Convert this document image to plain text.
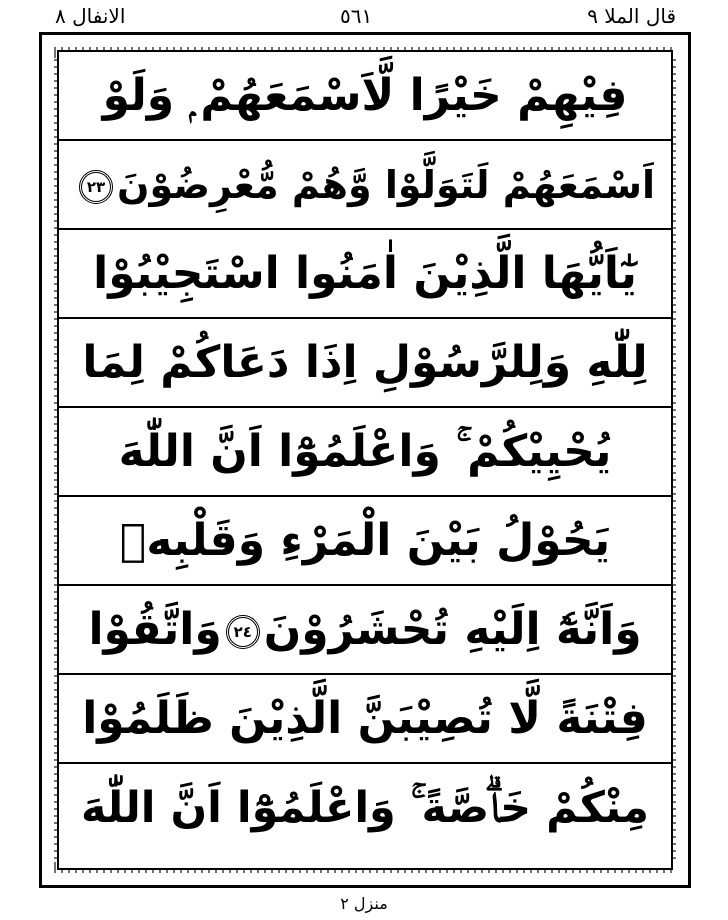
الانفال ٨	٥٦١	قال الملا ٩
فِيْهِمْ خَيْرًا لَّاَسْمَعَهُمْ ۭ وَلَوْ
اَسْمَعَهُمْ لَتَوَلَّوْا وَّهُمْ مُّعْرِضُوْنَ٢٣
يٰٓاَيُّهَا الَّذِيْنَ اٰمَنُوا اسْتَجِيْبُوْا
لِلّٰهِ وَلِلرَّسُوْلِ اِذَا دَعَاكُمْ لِمَا
يُحْيِيْكُمْ ۚ وَاعْلَمُوْٓا اَنَّ اللّٰهَ
يَحُوْلُ بَيْنَ الْمَرْءِ وَقَلْبِهٖ
وَاَنَّهٗٓ اِلَيْهِ تُحْشَرُوْنَ٢٤وَاتَّقُوْا
فِتْنَةً لَّا تُصِيْبَنَّ الَّذِيْنَ ظَلَمُوْا
مِنْكُمْ خَاۗصَّةً ۚ وَاعْلَمُوْٓا اَنَّ اللّٰهَ
منزل ٢
